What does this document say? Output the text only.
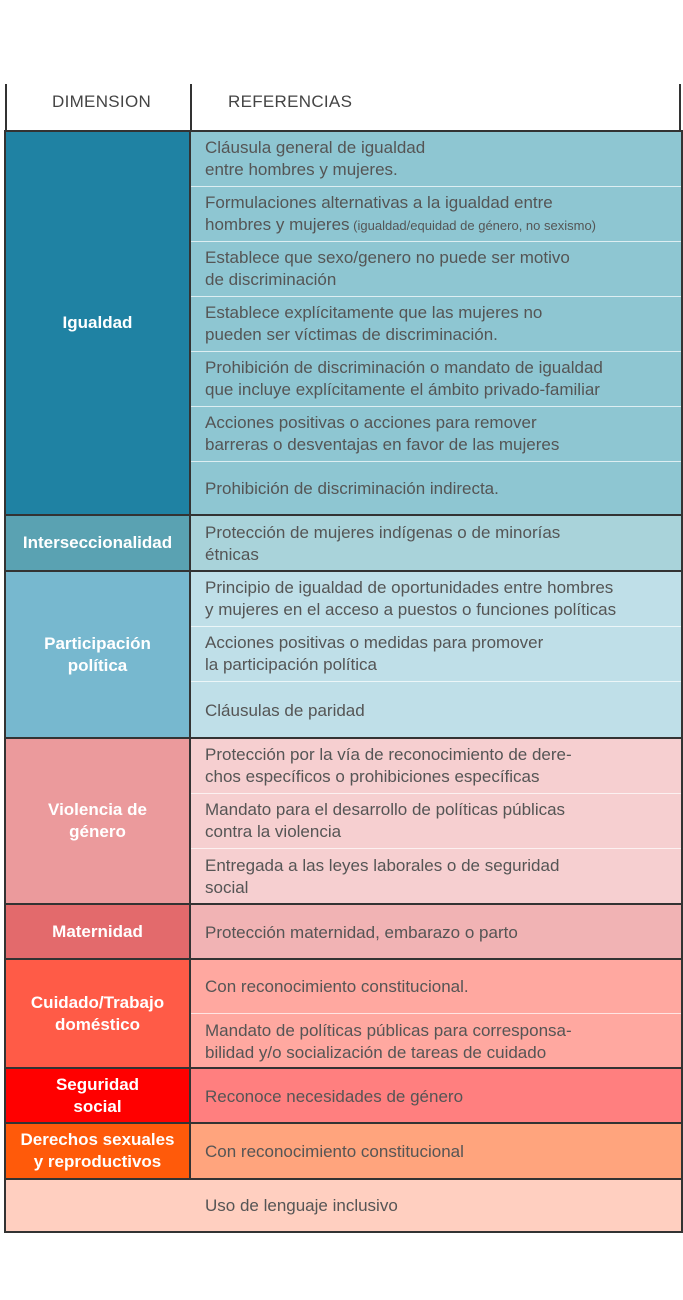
DIMENSION	REFERENCIAS
Igualdad
Cláusula general de igualdad
entre hombres y mujeres.
Formulaciones alternativas a la igualdad entre
hombres y mujeres (igualdad/equidad de género, no sexismo)
Establece que sexo/genero no puede ser motivo
de discriminación
Establece explícitamente que las mujeres no
pueden ser víctimas de discriminación.
Prohibición de discriminación o mandato de igualdad
que incluye explícitamente el ámbito privado-familiar
Acciones positivas o acciones para remover
barreras o desventajas en favor de las mujeres
Prohibición de discriminación indirecta.
Interseccionalidad
Protección de mujeres indígenas o de minorías
étnicas
Participación
política
Principio de igualdad de oportunidades entre hombres
y mujeres en el acceso a puestos o funciones políticas
Acciones positivas o medidas para promover
la participación política
Cláusulas de paridad
Violencia de
género
Protección por la vía de reconocimiento de dere-
chos específicos o prohibiciones específicas
Mandato para el desarrollo de políticas públicas
contra la violencia
Entregada a las leyes laborales o de seguridad
social
Maternidad	Protección maternidad, embarazo o parto
Cuidado/Trabajo
doméstico
Con reconocimiento constitucional.
Mandato de políticas públicas para corresponsa-
bilidad y/o socialización de tareas de cuidado
Seguridad
social
Reconoce necesidades de género
Derechos sexuales
y reproductivos
Con reconocimiento constitucional
Uso de lenguaje inclusivo
